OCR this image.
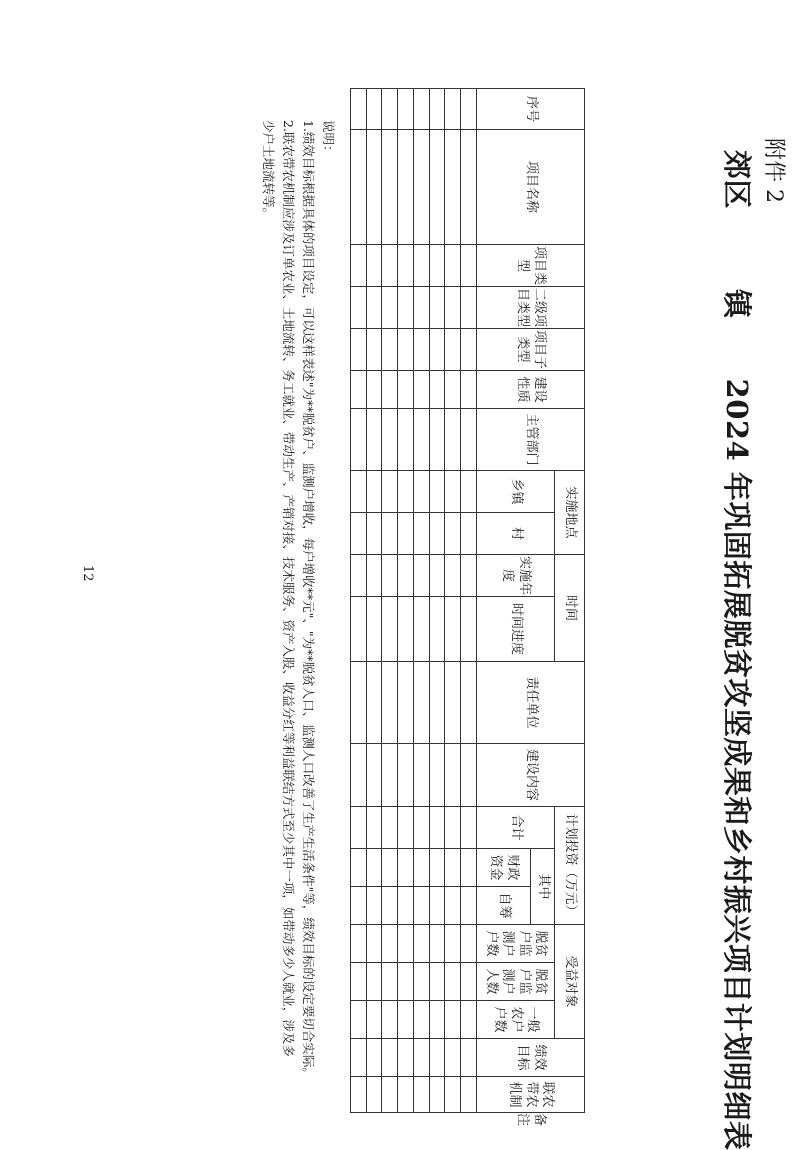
附件 2
郊区镇2024 年巩固拓展脱贫攻坚成果和乡村振兴项目计划明细表
序号	项目名称	项目类型	二级项目类型	项目子类型	建设性质	主管部门	实施地点		时间		责任单位	建设内容	计划投资（万元）			受益对象			绩效目标	联农带农机制	备注
							乡镇	村	实施年度	时间进度			合计	其中		脱贫户监测户户数	脱贫户监测户人数	一般农户户数			
														财政资金	自筹						

说明：
1.绩效目标根据具体的项目设定，可以这样表述"为**脱贫户、监测户增收，每户增收**元"、"为**脱贫人口、监测人口改善了生产生活条件"等，绩效目标的设定要切合实际。
2.联农带农机制应涉及订单农业、土地流转、务工就业、带动生产、产销对接、技术服务、资产入股、收益分红等利益联结方式至少其中一项，如带动多少人就业，涉及多
少户土地流转等。
12
